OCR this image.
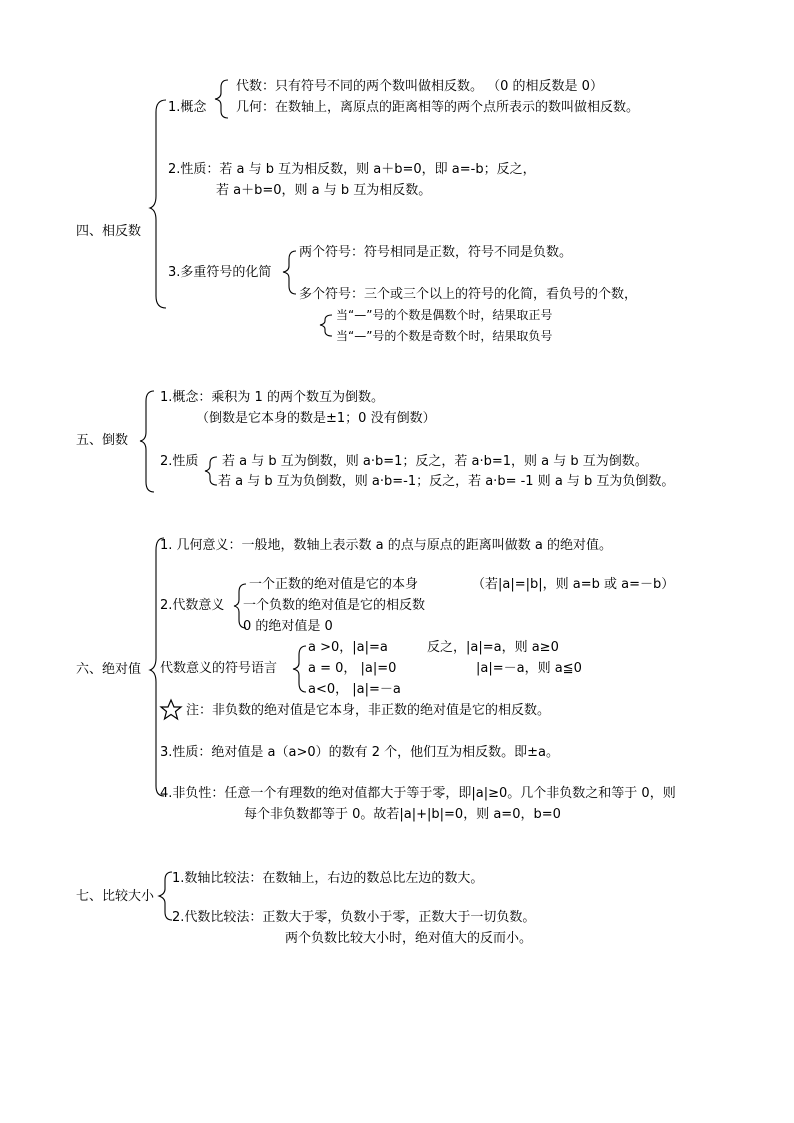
四、相反数
1.概念
代数：只有符号不同的两个数叫做相反数。 （0 的相反数是 0）
几何：在数轴上，离原点的距离相等的两个点所表示的数叫做相反数。
2.性质：若 a 与 b 互为相反数，则 a＋b=0，即 a=-b；反之，
若 a＋b=0，则 a 与 b 互为相反数。
3.多重符号的化简
两个符号：符号相同是正数，符号不同是负数。
多个符号：三个或三个以上的符号的化简，看负号的个数，
当“—”号的个数是偶数个时，结果取正号
当“—”号的个数是奇数个时，结果取负号
五、倒数
1.概念：乘积为 1 的两个数互为倒数。
（倒数是它本身的数是±1；0 没有倒数）
2.性质 若 a 与 b 互为倒数，则 a·b=1；反之，若 a·b=1，则 a 与 b 互为倒数。
若 a 与 b 互为负倒数，则 a·b=-1；反之，若 a·b= -1 则 a 与 b 互为负倒数。
六、绝对值
1. 几何意义：一般地，数轴上表示数 a 的点与原点的距离叫做数 a 的绝对值。
2.代数意义
一个正数的绝对值是它的本身	（若|a|=|b|，则 a=b 或 a=－b）
一个负数的绝对值是它的相反数
0 的绝对值是 0
代数意义的符号语言
a >0，|a|=a	反之，|a|=a，则 a≥0
a = 0， |a|=0	|a|=－a，则 a≦0
a<0， |a|=－a
注：非负数的绝对值是它本身，非正数的绝对值是它的相反数。
3.性质：绝对值是 a（a>0）的数有 2 个，他们互为相反数。即±a。
4.非负性：任意一个有理数的绝对值都大于等于零，即|a|≥0。几个非负数之和等于 0，则
每个非负数都等于 0。故若|a|+|b|=0，则 a=0，b=0
七、比较大小
1.数轴比较法：在数轴上，右边的数总比左边的数大。
2.代数比较法：正数大于零，负数小于零，正数大于一切负数。
两个负数比较大小时，绝对值大的反而小。
